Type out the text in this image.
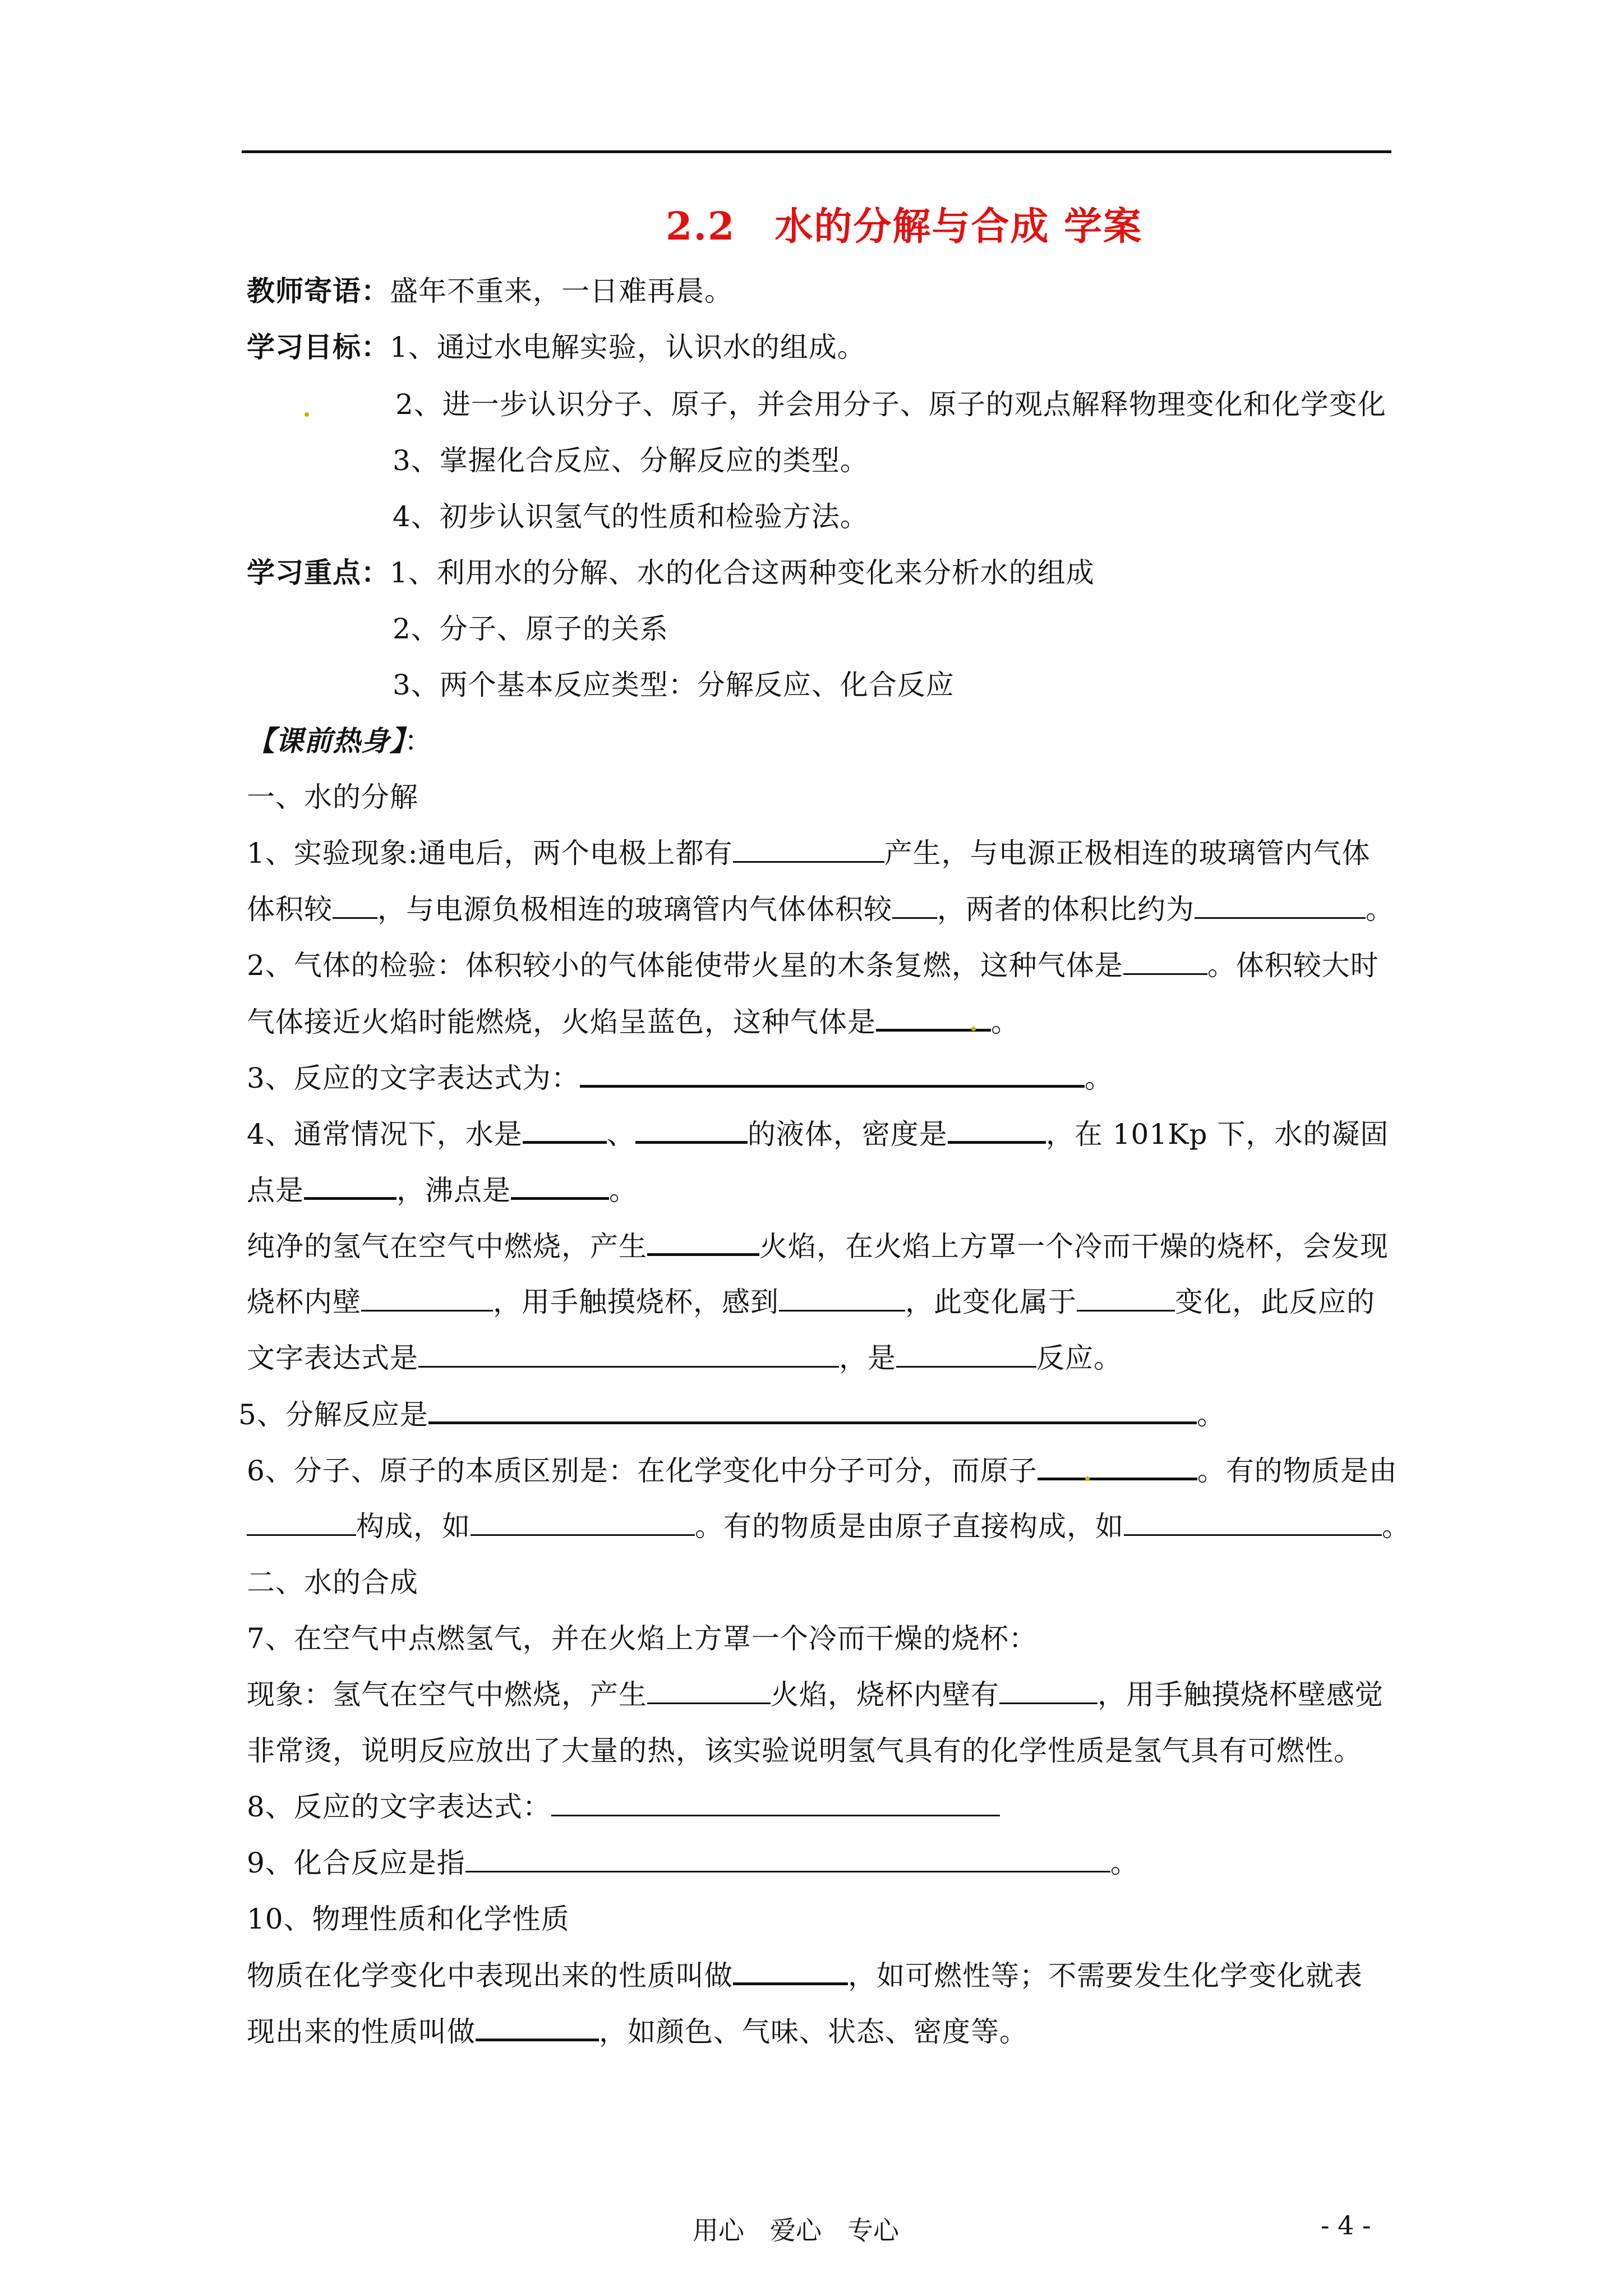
2.2 水的分解与合成 学案
教师寄语：盛年不重来，一日难再晨。
学习目标：1、通过水电解实验，认识水的组成。
2、进一步认识分子、原子，并会用分子、原子的观点解释物理变化和化学变化
3、掌握化合反应、分解反应的类型。
4、初步认识氢气的性质和检验方法。
学习重点：1、利用水的分解、水的化合这两种变化来分析水的组成
2、分子、原子的关系
3、两个基本反应类型：分解反应、化合反应
【课前热身】：
一、水的分解
1、实验现象:通电后，两个电极上都有	产生，与电源正极相连的玻璃管内气体
体积较 ，与电源负极相连的玻璃管内气体体积较 ，两者的体积比约为	。
2、气体的检验：体积较小的气体能使带火星的木条复燃，这种气体是	。体积较大时
气体接近火焰时能燃烧，火焰呈蓝色，这种气体是	。
3、反应的文字表达式为：	。
4、通常情况下，水是	、	的液体，密度是	，在 101Kp 下，水的凝固
点是	，沸点是	。
纯净的氢气在空气中燃烧，产生	火焰，在火焰上方罩一个冷而干燥的烧杯，会发现
烧杯内壁	，用手触摸烧杯，感到	，此变化属于	变化，此反应的
文字表达式是	，是	反应。
5、分解反应是	。
6、分子、原子的本质区别是：在化学变化中分子可分，而原子	。有的物质是由
构成，如	。有的物质是由原子直接构成，如	。
二、水的合成
7、在空气中点燃氢气，并在火焰上方罩一个冷而干燥的烧杯：
现象：氢气在空气中燃烧，产生	火焰，烧杯内壁有	，用手触摸烧杯壁感觉
非常烫，说明反应放出了大量的热，该实验说明氢气具有的化学性质是氢气具有可燃性。
8、反应的文字表达式：
9、化合反应是指	。
10、物理性质和化学性质
物质在化学变化中表现出来的性质叫做	，如可燃性等；不需要发生化学变化就表
现出来的性质叫做	，如颜色、气味、状态、密度等。
用心　爱心　专心	- 4 -
